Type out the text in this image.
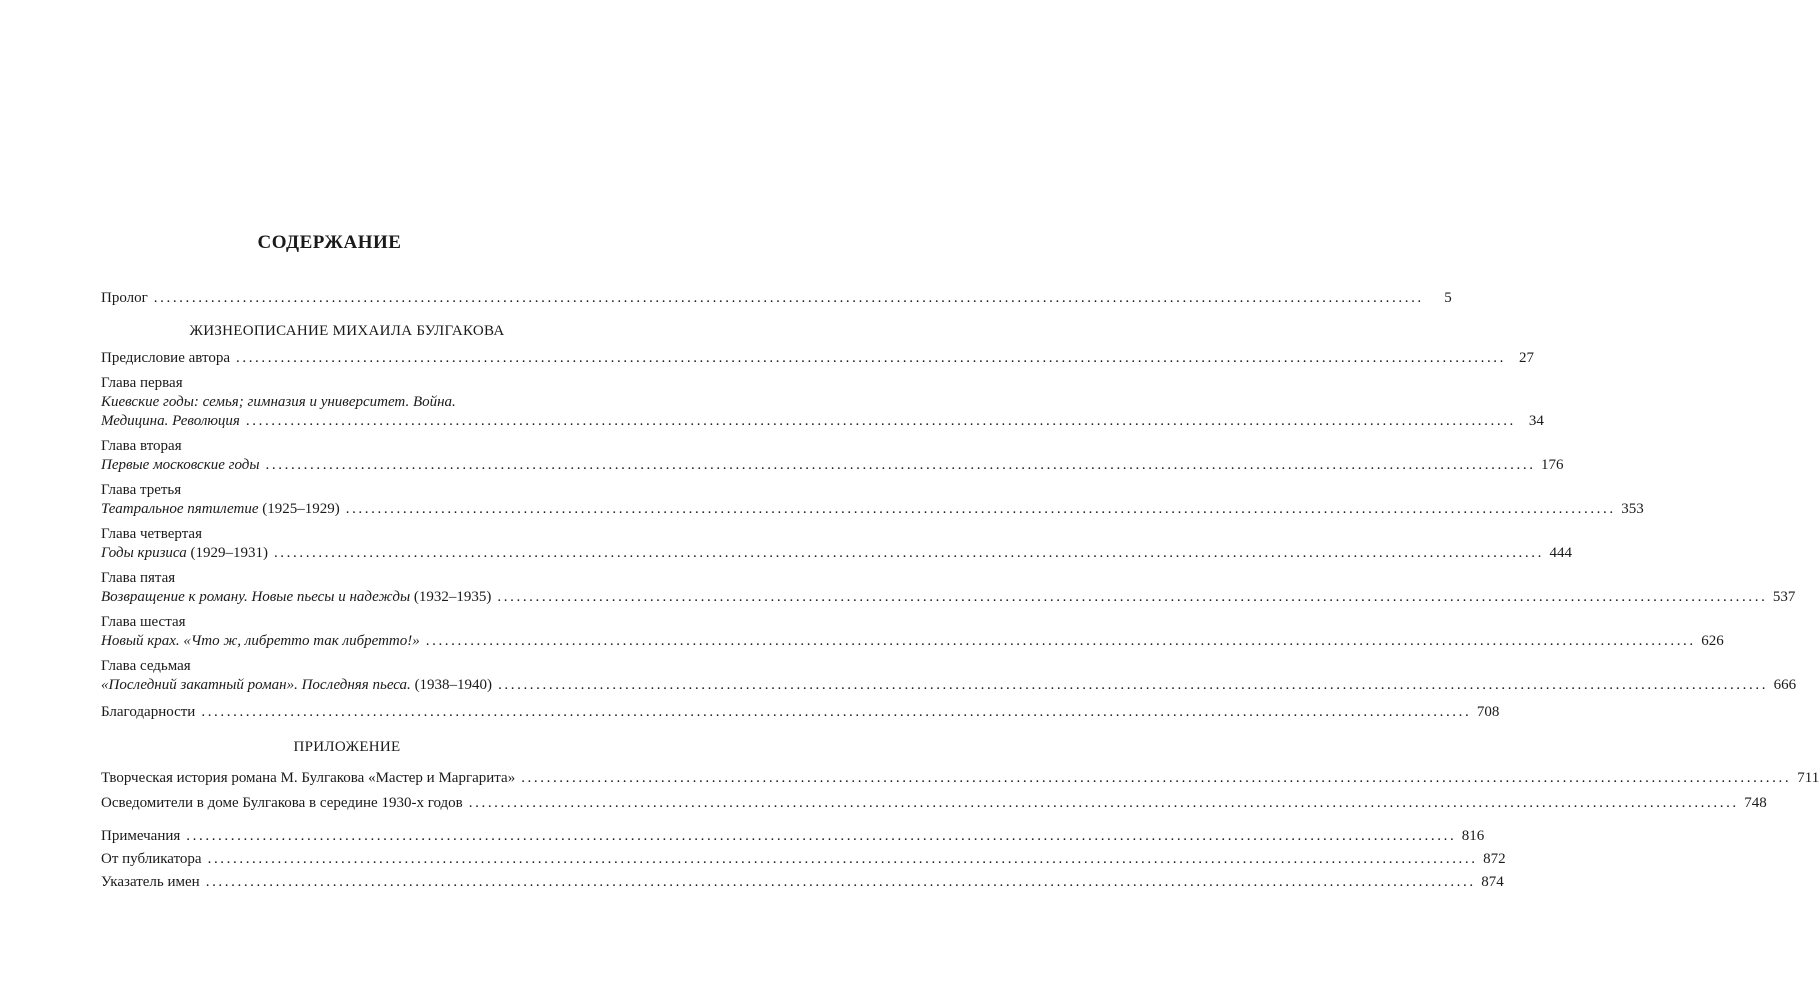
СОДЕРЖАНИЕ
Пролог ........................................................................................................................................................................................................	5
ЖИЗНЕОПИСАНИЕ МИХАИЛА БУЛГАКОВА
Предисловие автора ........................................................................................................................................................................................................ 27
Глава первая
Киевские годы: семья; гимназия и университет. Война.
Медицина. Революция ........................................................................................................................................................................................................ 34
Глава вторая
Первые московские годы ........................................................................................................................................................................................................ 176
Глава третья
Театральное пятилетие (1925–1929) ........................................................................................................................................................................................................ 353
Глава четвертая
Годы кризиса (1929–1931) ........................................................................................................................................................................................................ 444
Глава пятая
Возвращение к роману. Новые пьесы и надежды (1932–1935) ........................................................................................................................................................................................................ 537
Глава шестая
Новый крах. «Что ж, либретто так либретто!» ........................................................................................................................................................................................................ 626
Глава седьмая
«Последний закатный роман». Последняя пьеса. (1938–1940) ........................................................................................................................................................................................................ 666
Благодарности ........................................................................................................................................................................................................ 708
ПРИЛОЖЕНИЕ
Творческая история романа М. Булгакова «Мастер и Маргарита» ........................................................................................................................................................................................................ 711
Осведомители в доме Булгакова в середине 1930-х годов ........................................................................................................................................................................................................ 748
Примечания ........................................................................................................................................................................................................ 816
От публикатора ........................................................................................................................................................................................................ 872
Указатель имен ........................................................................................................................................................................................................ 874
